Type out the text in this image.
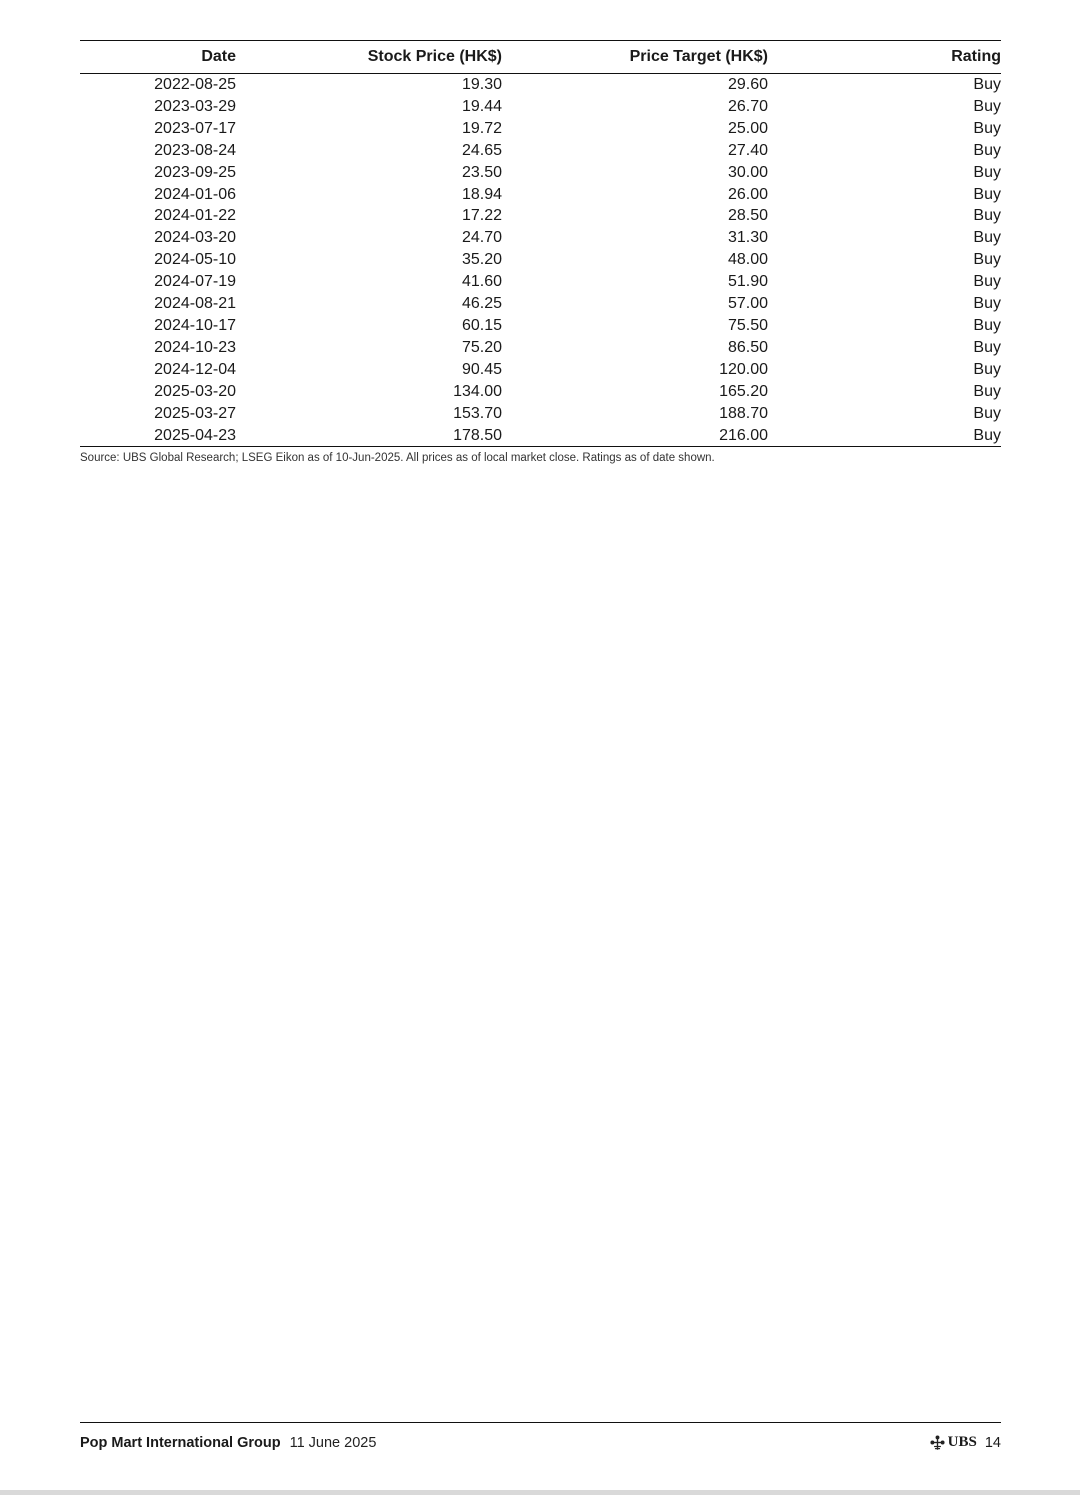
Date	Stock Price (HK$)	Price Target (HK$)	Rating
2022-08-25	19.30	29.60	Buy
2023-03-29	19.44	26.70	Buy
2023-07-17	19.72	25.00	Buy
2023-08-24	24.65	27.40	Buy
2023-09-25	23.50	30.00	Buy
2024-01-06	18.94	26.00	Buy
2024-01-22	17.22	28.50	Buy
2024-03-20	24.70	31.30	Buy
2024-05-10	35.20	48.00	Buy
2024-07-19	41.60	51.90	Buy
2024-08-21	46.25	57.00	Buy
2024-10-17	60.15	75.50	Buy
2024-10-23	75.20	86.50	Buy
2024-12-04	90.45	120.00	Buy
2025-03-20	134.00	165.20	Buy
2025-03-27	153.70	188.70	Buy
2025-04-23	178.50	216.00	Buy
Source: UBS Global Research; LSEG Eikon as of 10-Jun-2025. All prices as of local market close. Ratings as of date shown.
Pop Mart International Group 11 June 2025	UBS 14
